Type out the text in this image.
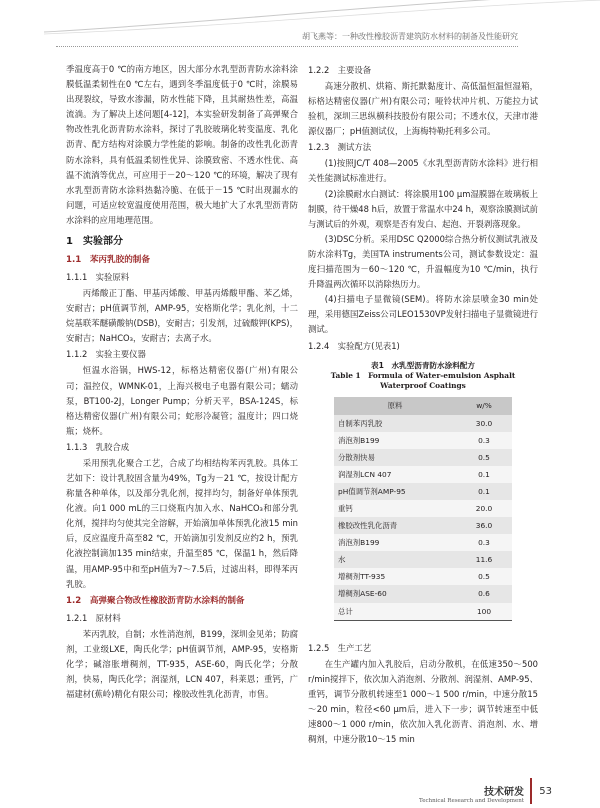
胡飞燕等：一种改性橡胶沥青建筑防水材料的制备及性能研究

季温度高于0 ℃的南方地区，因大部分水乳型沥青防水涂料涂膜低温柔韧性在0 ℃左右，遇到冬季温度低于0 ℃时，涂膜易出现裂纹，导致水渗漏，防水性能下降，且其耐热性差，高温流淌。为了解决上述问题[4-12]，本实验研发制备了高弹聚合物改性乳化沥青防水涂料，探讨了乳胶玻璃化转变温度、乳化沥青、配方结构对涂膜力学性能的影响。制备的改性乳化沥青防水涂料，具有低温柔韧性优异、涂膜致密、不透水性优、高温不流淌等优点，可应用于－20～120 ℃的环境，解决了现有水乳型沥青防水涂料热黏冷脆、在低于－15 ℃时出现漏水的问题，可适应较宽温度使用范围，极大地扩大了水乳型沥青防水涂料的应用地理范围。

1　实验部分
1.1　苯丙乳胶的制备
1.1.1　实验原料

丙烯酸正丁酯、甲基丙烯酸、甲基丙烯酸甲酯、苯乙烯，安耐吉；pH值调节剂，AMP-95，安格斯化学；乳化剂，十二烷基联苯醚磺酸钠(DSB)，安耐吉；引发剂，过硫酸钾(KPS)，安耐吉；NaHCO₃，安耐吉；去离子水。

1.1.2　实验主要仪器

恒温水浴锅，HWS-12，标格达精密仪器(广州)有限公司；温控仪，WMNK-01，上海兴极电子电器有限公司；蠕动泵，BT100-2J，Longer Pump；分析天平，BSA-124S，标格达精密仪器(广州)有限公司；蛇形冷凝管；温度计；四口烧瓶；烧杯。

1.1.3　乳胶合成

采用预乳化聚合工艺，合成了均相结构苯丙乳胶。具体工艺如下：设计乳胶固含量为49%，Tg为－21 ℃，按设计配方称量各种单体，以及部分乳化剂，搅拌均匀，制备好单体预乳化液。向1 000 mL的三口烧瓶内加入水、NaHCO₃和部分乳化剂，搅拌均匀使其完全溶解，开始滴加单体预乳化液15 min后，反应温度升高至82 ℃，开始滴加引发剂反应约2 h，预乳化液控制滴加135 min结束，升温至85 ℃，保温1 h，然后降温，用AMP-95中和至pH值为7～7.5后，过滤出料，即得苯丙乳胶。

1.2　高弹聚合物改性橡胶沥青防水涂料的制备
1.2.1　原材料

苯丙乳胶，自制；水性消泡剂，B199，深圳金见弟；防腐剂，工业级LXE，陶氏化学；pH值调节剂，AMP-95，安格斯化学；碱溶胀增稠剂，TT-935，ASE-60，陶氏化学；分散剂，快易，陶氏化学；润湿剂，LCN 407，科莱恩；重钙，广福建材(蕉岭)精化有限公司；橡胶改性乳化沥青，市售。

1.2.2　主要设备

高速分散机、烘箱、斯托默黏度计、高低温恒温恒湿箱，标格达精密仪器(广州)有限公司；哑铃状冲片机、万能拉力试验机，深圳三思纵横科技股份有限公司；不透水仪，天津市港源仪器厂；pH值测试仪，上海梅特勒托利多公司。

1.2.3　测试方法

(1)按照JC/T 408—2005《水乳型沥青防水涂料》进行相关性能测试标准进行。

(2)涂膜耐水白测试：将涂膜用100 μm湿膜器在玻璃板上制膜，待干燥48 h后，放置于常温水中24 h，观察涂膜测试前与测试后的外观，观察是否有发白、起泡、开裂剥落现象。

(3)DSC分析。采用DSC Q2000综合热分析仪测试乳液及防水涂料Tg，美国TA instruments公司，测试参数设定：温度扫描范围为－60～120 ℃，升温幅度为10 ℃/min，执行升降温两次循环以消除热历力。

(4)扫描电子显微镜(SEM)。将防水涂层喷金30 min处理，采用德国Zeiss公司LEO1530VP发射扫描电子显微镜进行测试。

1.2.4　实验配方(见表1)
表1　水乳型沥青防水涂料配方
Table 1　Formula of Water-emulsion Asphalt Waterproof Coatings
原料	w/%
自制苯丙乳胶	30.0
消泡剂B199	0.3
分散剂快易	0.5
润湿剂LCN 407	0.1
pH值调节剂AMP-95	0.1
重钙	20.0
橡胶改性乳化沥青	36.0
消泡剂B199	0.3
水	11.6
增稠剂TT-935	0.5
增稠剂ASE-60	0.6
总计	100
1.2.5　生产工艺

在生产罐内加入乳胶后，启动分散机，在低速350～500 r/min搅拌下，依次加入消泡剂、分散剂、润湿剂、AMP-95、重钙，调节分散机转速至1 000～1 500 r/min，中速分散15～20 min，粒径<60 μm后，进入下一步；调节转速至中低速800～1 000 r/min，依次加入乳化沥青、消泡剂、水、增稠剂，中速分散10～15 min

技术研发
Technical Research and Development
53
